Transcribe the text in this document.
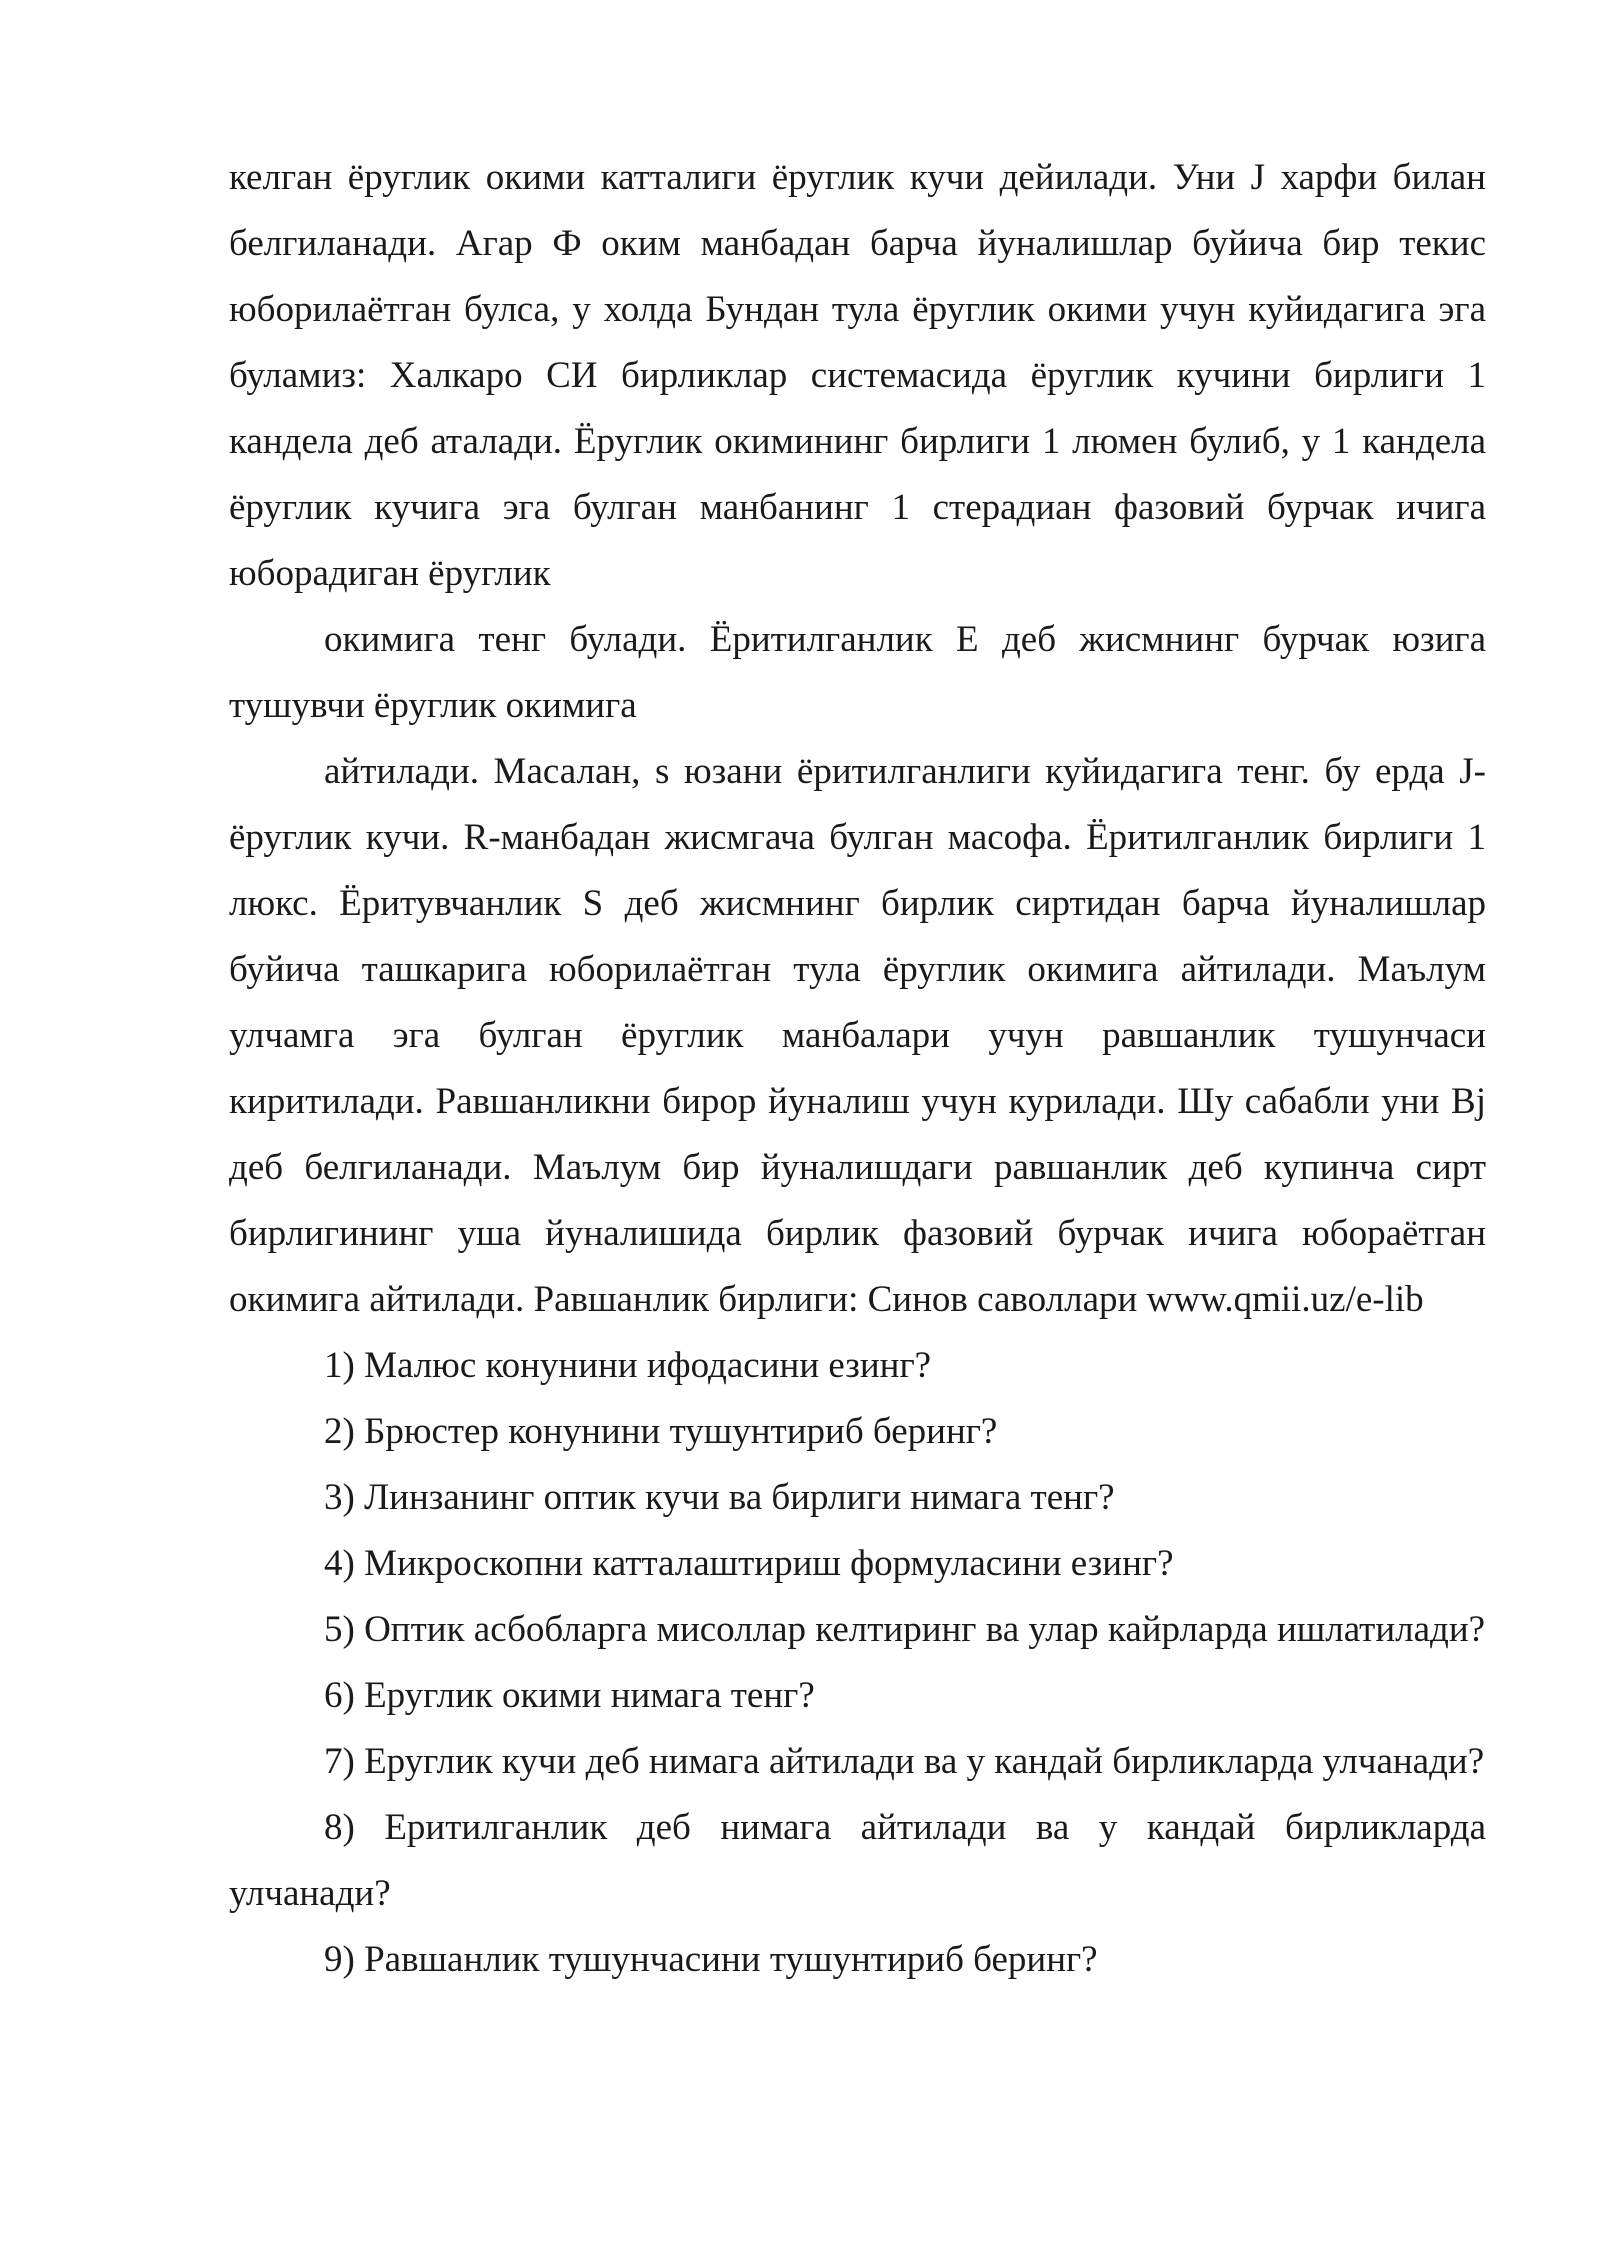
келган ёруглик окими катталиги ёруглик кучи дейилади. Уни J харфи билан белгиланади. Агар Ф оким манбадан барча йуналишлар буйича бир текис юборилаётган булса, у холда Бундан тула ёруглик окими учун куйидагига эга буламиз: Халкаро СИ бирликлар системасида ёруглик кучини бирлиги 1 кандела деб аталади. Ёруглик окимининг бирлиги 1 люмен булиб, у 1 кандела ёруглик кучига эга булган манбанинг 1 стерадиан фазовий бурчак ичига юборадиган ёруглик

окимига тенг булади. Ёритилганлик Е деб жисмнинг бурчак юзига тушувчи ёруглик окимига

айтилади. Масалан, s юзани ёритилганлиги куйидагига тенг. бу ерда J- ёруглик кучи. R-манбадан жисмгача булган масофа. Ёритилганлик бирлиги 1 люкс. Ёритувчанлик S деб жисмнинг бирлик сиртидан барча йуналишлар буйича ташкарига юборилаётган тула ёруглик окимига айтилади. Маълум улчамга эга булган ёруглик манбалари учун равшанлик тушунчаси киритилади. Равшанликни бирор йуналиш учун курилади. Шу сабабли уни Bj деб белгиланади. Маълум бир йуналишдаги равшанлик деб купинча сирт бирлигининг уша йуналишида бирлик фазовий бурчак ичига юбораётган окимига айтилади. Равшанлик бирлиги: Синов саволлари www.qmii.uz/e-lib

1) Малюс конунини ифодасини езинг?
2) Брюстер конунини тушунтириб беринг?
3) Линзанинг оптик кучи ва бирлиги нимага тенг?
4) Микроскопни катталаштириш формуласини езинг?
5) Оптик асбобларга мисоллар келтиринг ва улар кайрларда ишлатилади?
6) Еруглик окими нимага тенг?
7) Еруглик кучи деб нимага айтилади ва у кандай бирликларда улчанади?
8) Еритилганлик деб нимага айтилади ва у кандай бирликларда улчанади?
9) Равшанлик тушунчасини тушунтириб беринг?
